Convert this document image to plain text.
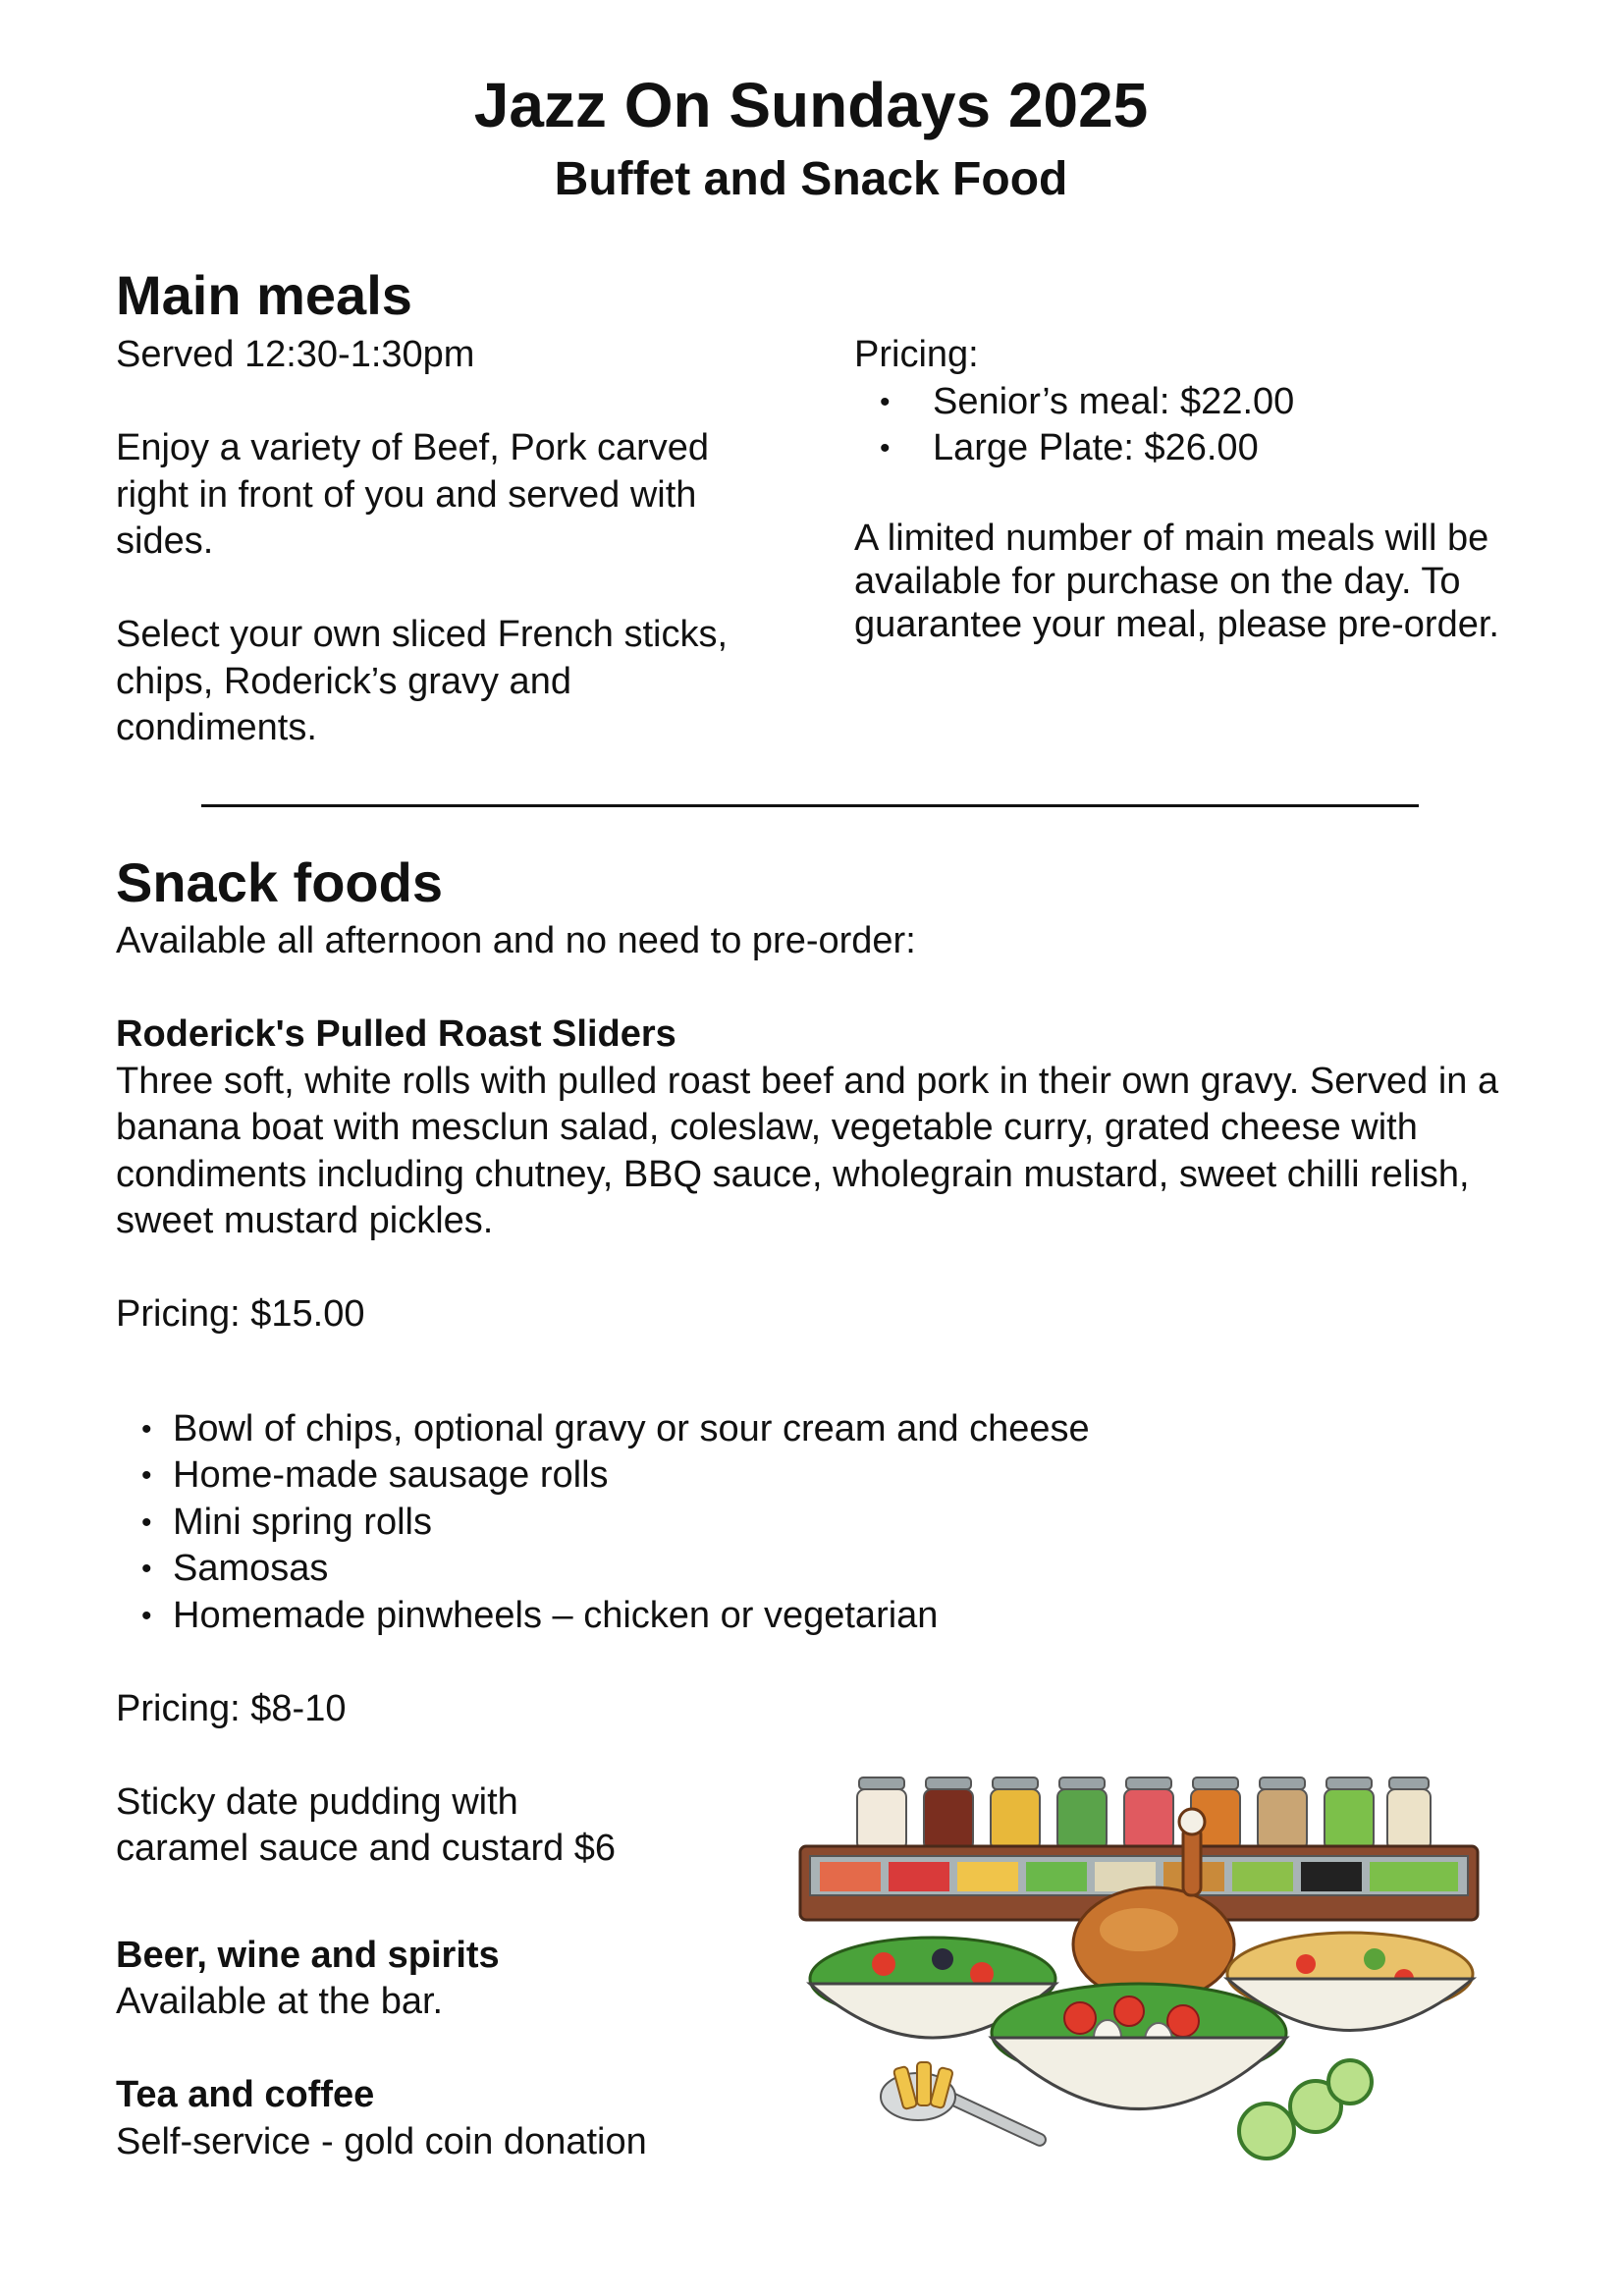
Jazz On Sundays 2025
Buffet and Snack Food
Main meals

Served 12:30-1:30pm

Enjoy a variety of Beef, Pork carved right in front of you and served with sides.

Select your own sliced French sticks, chips, Roderick’s gravy and condiments.

Pricing:

• Senior’s meal: $22.00
• Large Plate: $26.00

A limited number of main meals will be available for purchase on the day. To guarantee your meal, please pre-order.

Snack foods

Available all afternoon and no need to pre-order:

Roderick's Pulled Roast Sliders

Three soft, white rolls with pulled roast beef and pork in their own gravy. Served in a banana boat with mesclun salad, coleslaw, vegetable curry, grated cheese with condiments including chutney, BBQ sauce, wholegrain mustard, sweet chilli relish, sweet mustard pickles.

Pricing: $15.00

• Bowl of chips, optional gravy or sour cream and cheese
• Home-made sausage rolls
• Mini spring rolls
• Samosas
• Homemade pinwheels – chicken or vegetarian

Pricing: $8-10

Sticky date pudding with

caramel sauce and custard $6

Beer, wine and spirits

Available at the bar.

Tea and coffee

Self-service - gold coin donation
